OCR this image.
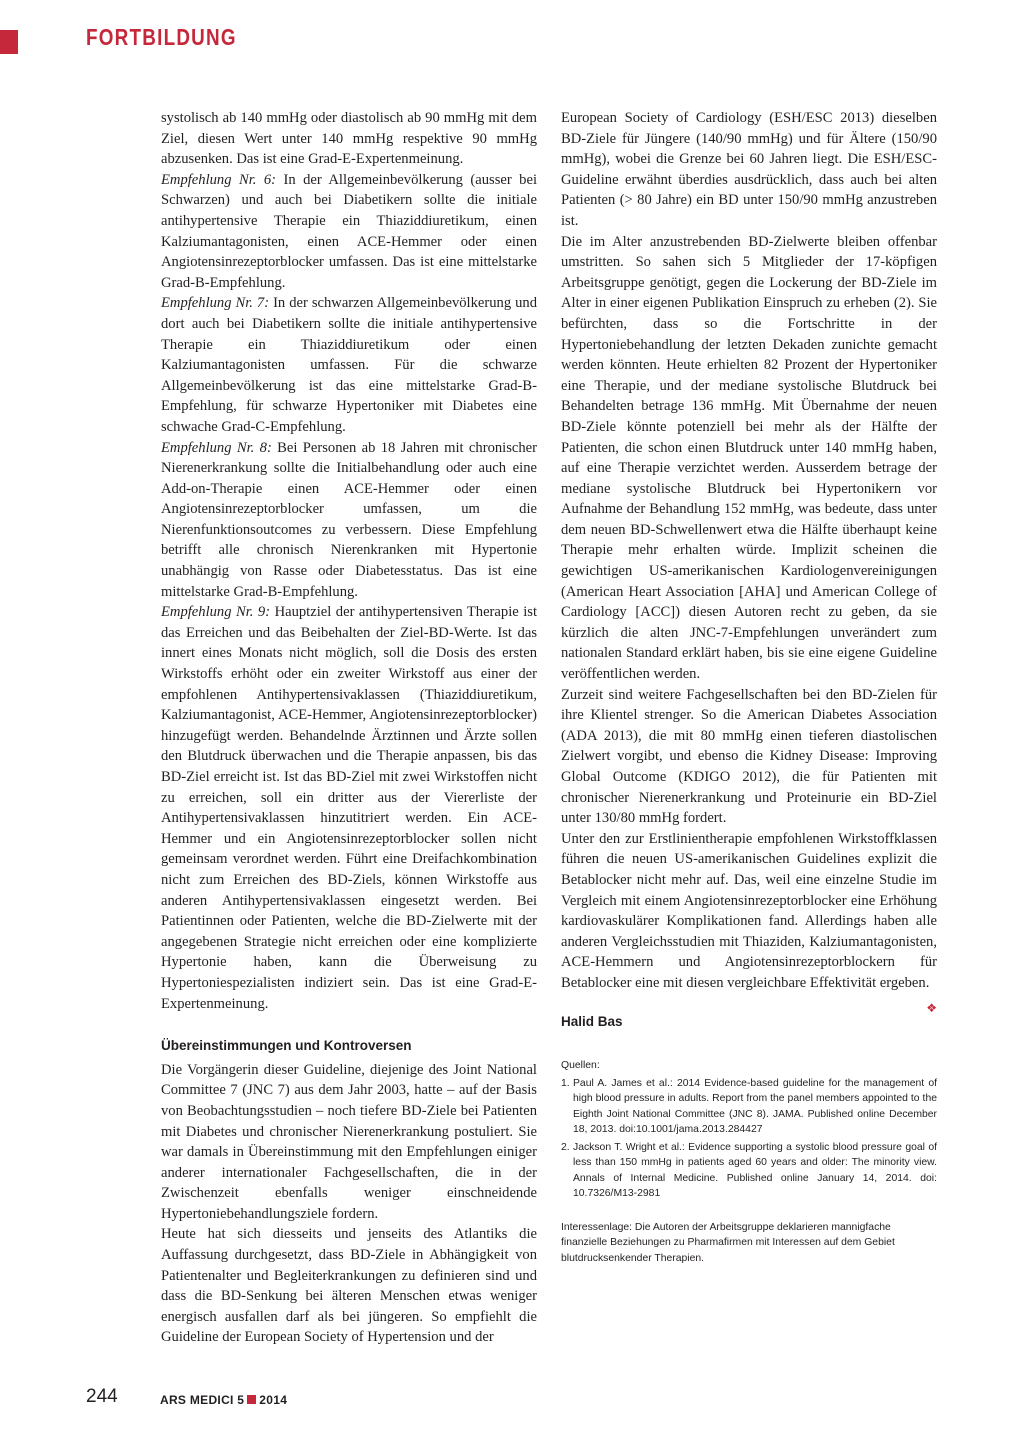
FORTBILDUNG

systolisch ab 140 mmHg oder diastolisch ab 90 mmHg mit dem Ziel, diesen Wert unter 140 mmHg respektive 90 mmHg abzusenken. Das ist eine Grad-E-Expertenmeinung.

Empfehlung Nr. 6: In der Allgemeinbevölkerung (ausser bei Schwarzen) und auch bei Diabetikern sollte die initiale antihypertensive Therapie ein Thiaziddiuretikum, einen Kalziumantagonisten, einen ACE-Hemmer oder einen Angiotensinrezeptorblocker umfassen. Das ist eine mittelstarke Grad-B-Empfehlung.

Empfehlung Nr. 7: In der schwarzen Allgemeinbevölkerung und dort auch bei Diabetikern sollte die initiale antihypertensive Therapie ein Thiaziddiuretikum oder einen Kalziumantagonisten umfassen. Für die schwarze Allgemeinbevölkerung ist das eine mittelstarke Grad-B-Empfehlung, für schwarze Hypertoniker mit Diabetes eine schwache Grad-C-Empfehlung.

Empfehlung Nr. 8: Bei Personen ab 18 Jahren mit chronischer Nierenerkrankung sollte die Initialbehandlung oder auch eine Add-on-Therapie einen ACE-Hemmer oder einen Angiotensinrezeptorblocker umfassen, um die Nierenfunktionsoutcomes zu verbessern. Diese Empfehlung betrifft alle chronisch Nierenkranken mit Hypertonie unabhängig von Rasse oder Diabetesstatus. Das ist eine mittelstarke Grad-B-Empfehlung.

Empfehlung Nr. 9: Hauptziel der antihypertensiven Therapie ist das Erreichen und das Beibehalten der Ziel-BD-Werte. Ist das innert eines Monats nicht möglich, soll die Dosis des ersten Wirkstoffs erhöht oder ein zweiter Wirkstoff aus einer der empfohlenen Antihypertensivaklassen (Thiaziddiuretikum, Kalziumantagonist, ACE-Hemmer, Angiotensinrezeptorblocker) hinzugefügt werden. Behandelnde Ärztinnen und Ärzte sollen den Blutdruck überwachen und die Therapie anpassen, bis das BD-Ziel erreicht ist. Ist das BD-Ziel mit zwei Wirkstoffen nicht zu erreichen, soll ein dritter aus der Viererliste der Antihypertensivaklassen hinzutitriert werden. Ein ACE-Hemmer und ein Angiotensinrezeptorblocker sollen nicht gemeinsam verordnet werden. Führt eine Dreifachkombination nicht zum Erreichen des BD-Ziels, können Wirkstoffe aus anderen Antihypertensivaklassen eingesetzt werden. Bei Patientinnen oder Patienten, welche die BD-Zielwerte mit der angegebenen Strategie nicht erreichen oder eine komplizierte Hypertonie haben, kann die Überweisung zu Hypertoniespezialisten indiziert sein. Das ist eine Grad-E-Expertenmeinung.

Übereinstimmungen und Kontroversen

Die Vorgängerin dieser Guideline, diejenige des Joint National Committee 7 (JNC 7) aus dem Jahr 2003, hatte – auf der Basis von Beobachtungsstudien – noch tiefere BD-Ziele bei Patienten mit Diabetes und chronischer Nierenerkrankung postuliert. Sie war damals in Übereinstimmung mit den Empfehlungen einiger anderer internationaler Fachgesellschaften, die in der Zwischenzeit ebenfalls weniger einschneidende Hypertoniebehandlungsziele fordern.

Heute hat sich diesseits und jenseits des Atlantiks die Auffassung durchgesetzt, dass BD-Ziele in Abhängigkeit von Patientenalter und Begleiterkrankungen zu definieren sind und dass die BD-Senkung bei älteren Menschen etwas weniger energisch ausfallen darf als bei jüngeren. So empfiehlt die Guideline der European Society of Hypertension und der

European Society of Cardiology (ESH/ESC 2013) dieselben BD-Ziele für Jüngere (140/90 mmHg) und für Ältere (150/90 mmHg), wobei die Grenze bei 60 Jahren liegt. Die ESH/ESC-Guideline erwähnt überdies ausdrücklich, dass auch bei alten Patienten (> 80 Jahre) ein BD unter 150/90 mmHg anzustreben ist.

Die im Alter anzustrebenden BD-Zielwerte bleiben offenbar umstritten. So sahen sich 5 Mitglieder der 17-köpfigen Arbeitsgruppe genötigt, gegen die Lockerung der BD-Ziele im Alter in einer eigenen Publikation Einspruch zu erheben (2). Sie befürchten, dass so die Fortschritte in der Hypertoniebehandlung der letzten Dekaden zunichte gemacht werden könnten. Heute erhielten 82 Prozent der Hypertoniker eine Therapie, und der mediane systolische Blutdruck bei Behandelten betrage 136 mmHg. Mit Übernahme der neuen BD-Ziele könnte potenziell bei mehr als der Hälfte der Patienten, die schon einen Blutdruck unter 140 mmHg haben, auf eine Therapie verzichtet werden. Ausserdem betrage der mediane systolische Blutdruck bei Hypertonikern vor Aufnahme der Behandlung 152 mmHg, was bedeute, dass unter dem neuen BD-Schwellenwert etwa die Hälfte überhaupt keine Therapie mehr erhalten würde. Implizit scheinen die gewichtigen US-amerikanischen Kardiologenvereinigungen (American Heart Association [AHA] und American College of Cardiology [ACC]) diesen Autoren recht zu geben, da sie kürzlich die alten JNC-7-Empfehlungen unverändert zum nationalen Standard erklärt haben, bis sie eine eigene Guideline veröffentlichen werden.

Zurzeit sind weitere Fachgesellschaften bei den BD-Zielen für ihre Klientel strenger. So die American Diabetes Association (ADA 2013), die mit 80 mmHg einen tieferen diastolischen Zielwert vorgibt, und ebenso die Kidney Disease: Improving Global Outcome (KDIGO 2012), die für Patienten mit chronischer Nierenerkrankung und Proteinurie ein BD-Ziel unter 130/80 mmHg fordert.

Unter den zur Erstlinientherapie empfohlenen Wirkstoffklassen führen die neuen US-amerikanischen Guidelines explizit die Betablocker nicht mehr auf. Das, weil eine einzelne Studie im Vergleich mit einem Angiotensinrezeptorblocker eine Erhöhung kardiovaskulärer Komplikationen fand. Allerdings haben alle anderen Vergleichsstudien mit Thiaziden, Kalziumantagonisten, ACE-Hemmern und Angiotensinrezeptorblockern für Betablocker eine mit diesen vergleichbare Effektivität ergeben.
❖

Halid Bas
Quellen:
1. Paul A. James et al.: 2014 Evidence-based guideline for the management of high blood pressure in adults. Report from the panel members appointed to the Eighth Joint National Committee (JNC 8). JAMA. Published online December 18, 2013. doi:10.1001/jama.2013.284427
2. Jackson T. Wright et al.: Evidence supporting a systolic blood pressure goal of less than 150 mmHg in patients aged 60 years and older: The minority view. Annals of Internal Medicine. Published online January 14, 2014. doi: 10.7326/M13-2981
Interessenlage: Die Autoren der Arbeitsgruppe deklarieren mannigfache finanzielle Beziehungen zu Pharmafirmen mit Interessen auf dem Gebiet blutdrucksenkender Therapien.
244	ARS MEDICI 5 2014
